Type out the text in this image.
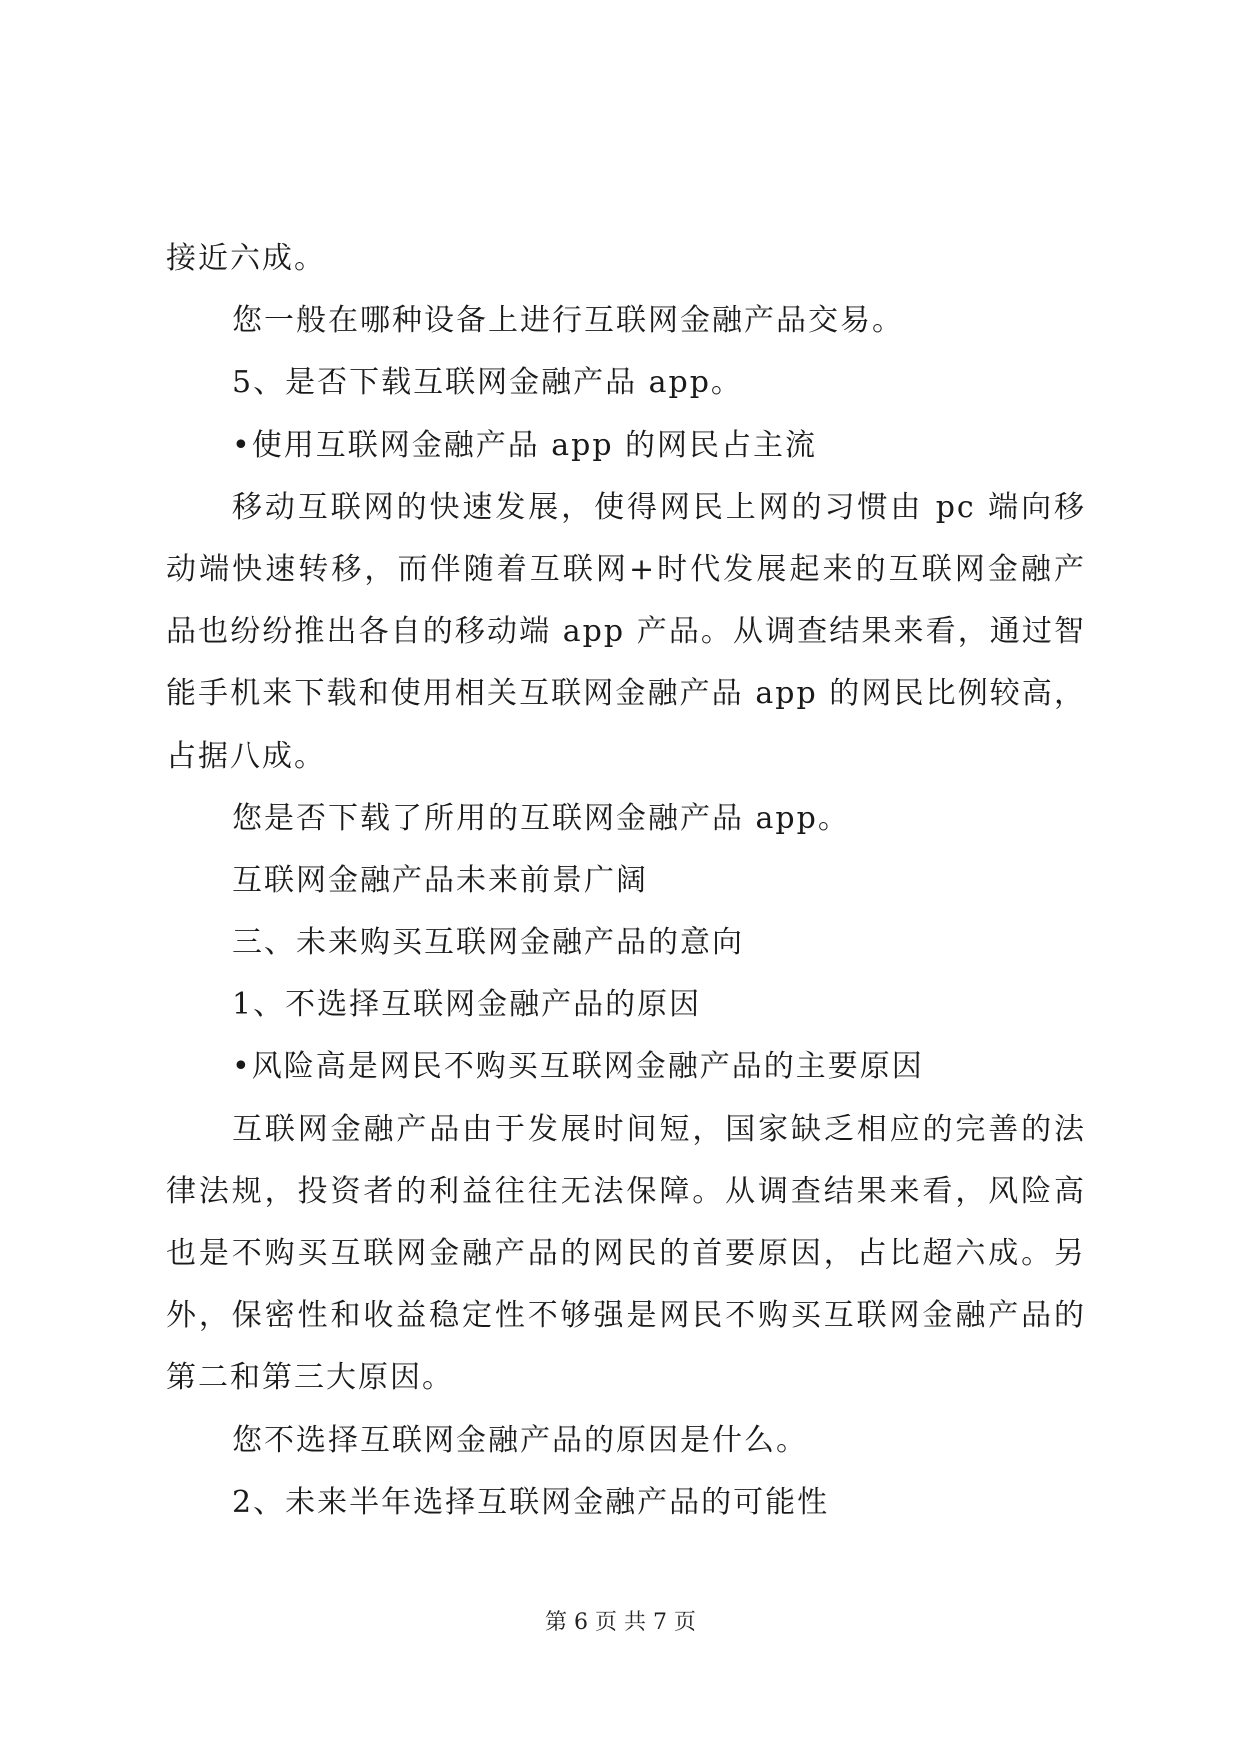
接近六成。
您一般在哪种设备上进行互联网金融产品交易。
5、是否下载互联网金融产品 app。
•使用互联网金融产品 app 的网民占主流
移动互联网的快速发展，使得网民上网的习惯由 pc 端向移
动端快速转移，而伴随着互联网+时代发展起来的互联网金融产
品也纷纷推出各自的移动端 app 产品。从调查结果来看，通过智
能手机来下载和使用相关互联网金融产品 app 的网民比例较高，
占据八成。
您是否下载了所用的互联网金融产品 app。
互联网金融产品未来前景广阔
三、未来购买互联网金融产品的意向
1、不选择互联网金融产品的原因
•风险高是网民不购买互联网金融产品的主要原因
互联网金融产品由于发展时间短，国家缺乏相应的完善的法
律法规，投资者的利益往往无法保障。从调查结果来看，风险高
也是不购买互联网金融产品的网民的首要原因，占比超六成。另
外，保密性和收益稳定性不够强是网民不购买互联网金融产品的
第二和第三大原因。
您不选择互联网金融产品的原因是什么。
2、未来半年选择互联网金融产品的可能性
第 6 页 共 7 页
